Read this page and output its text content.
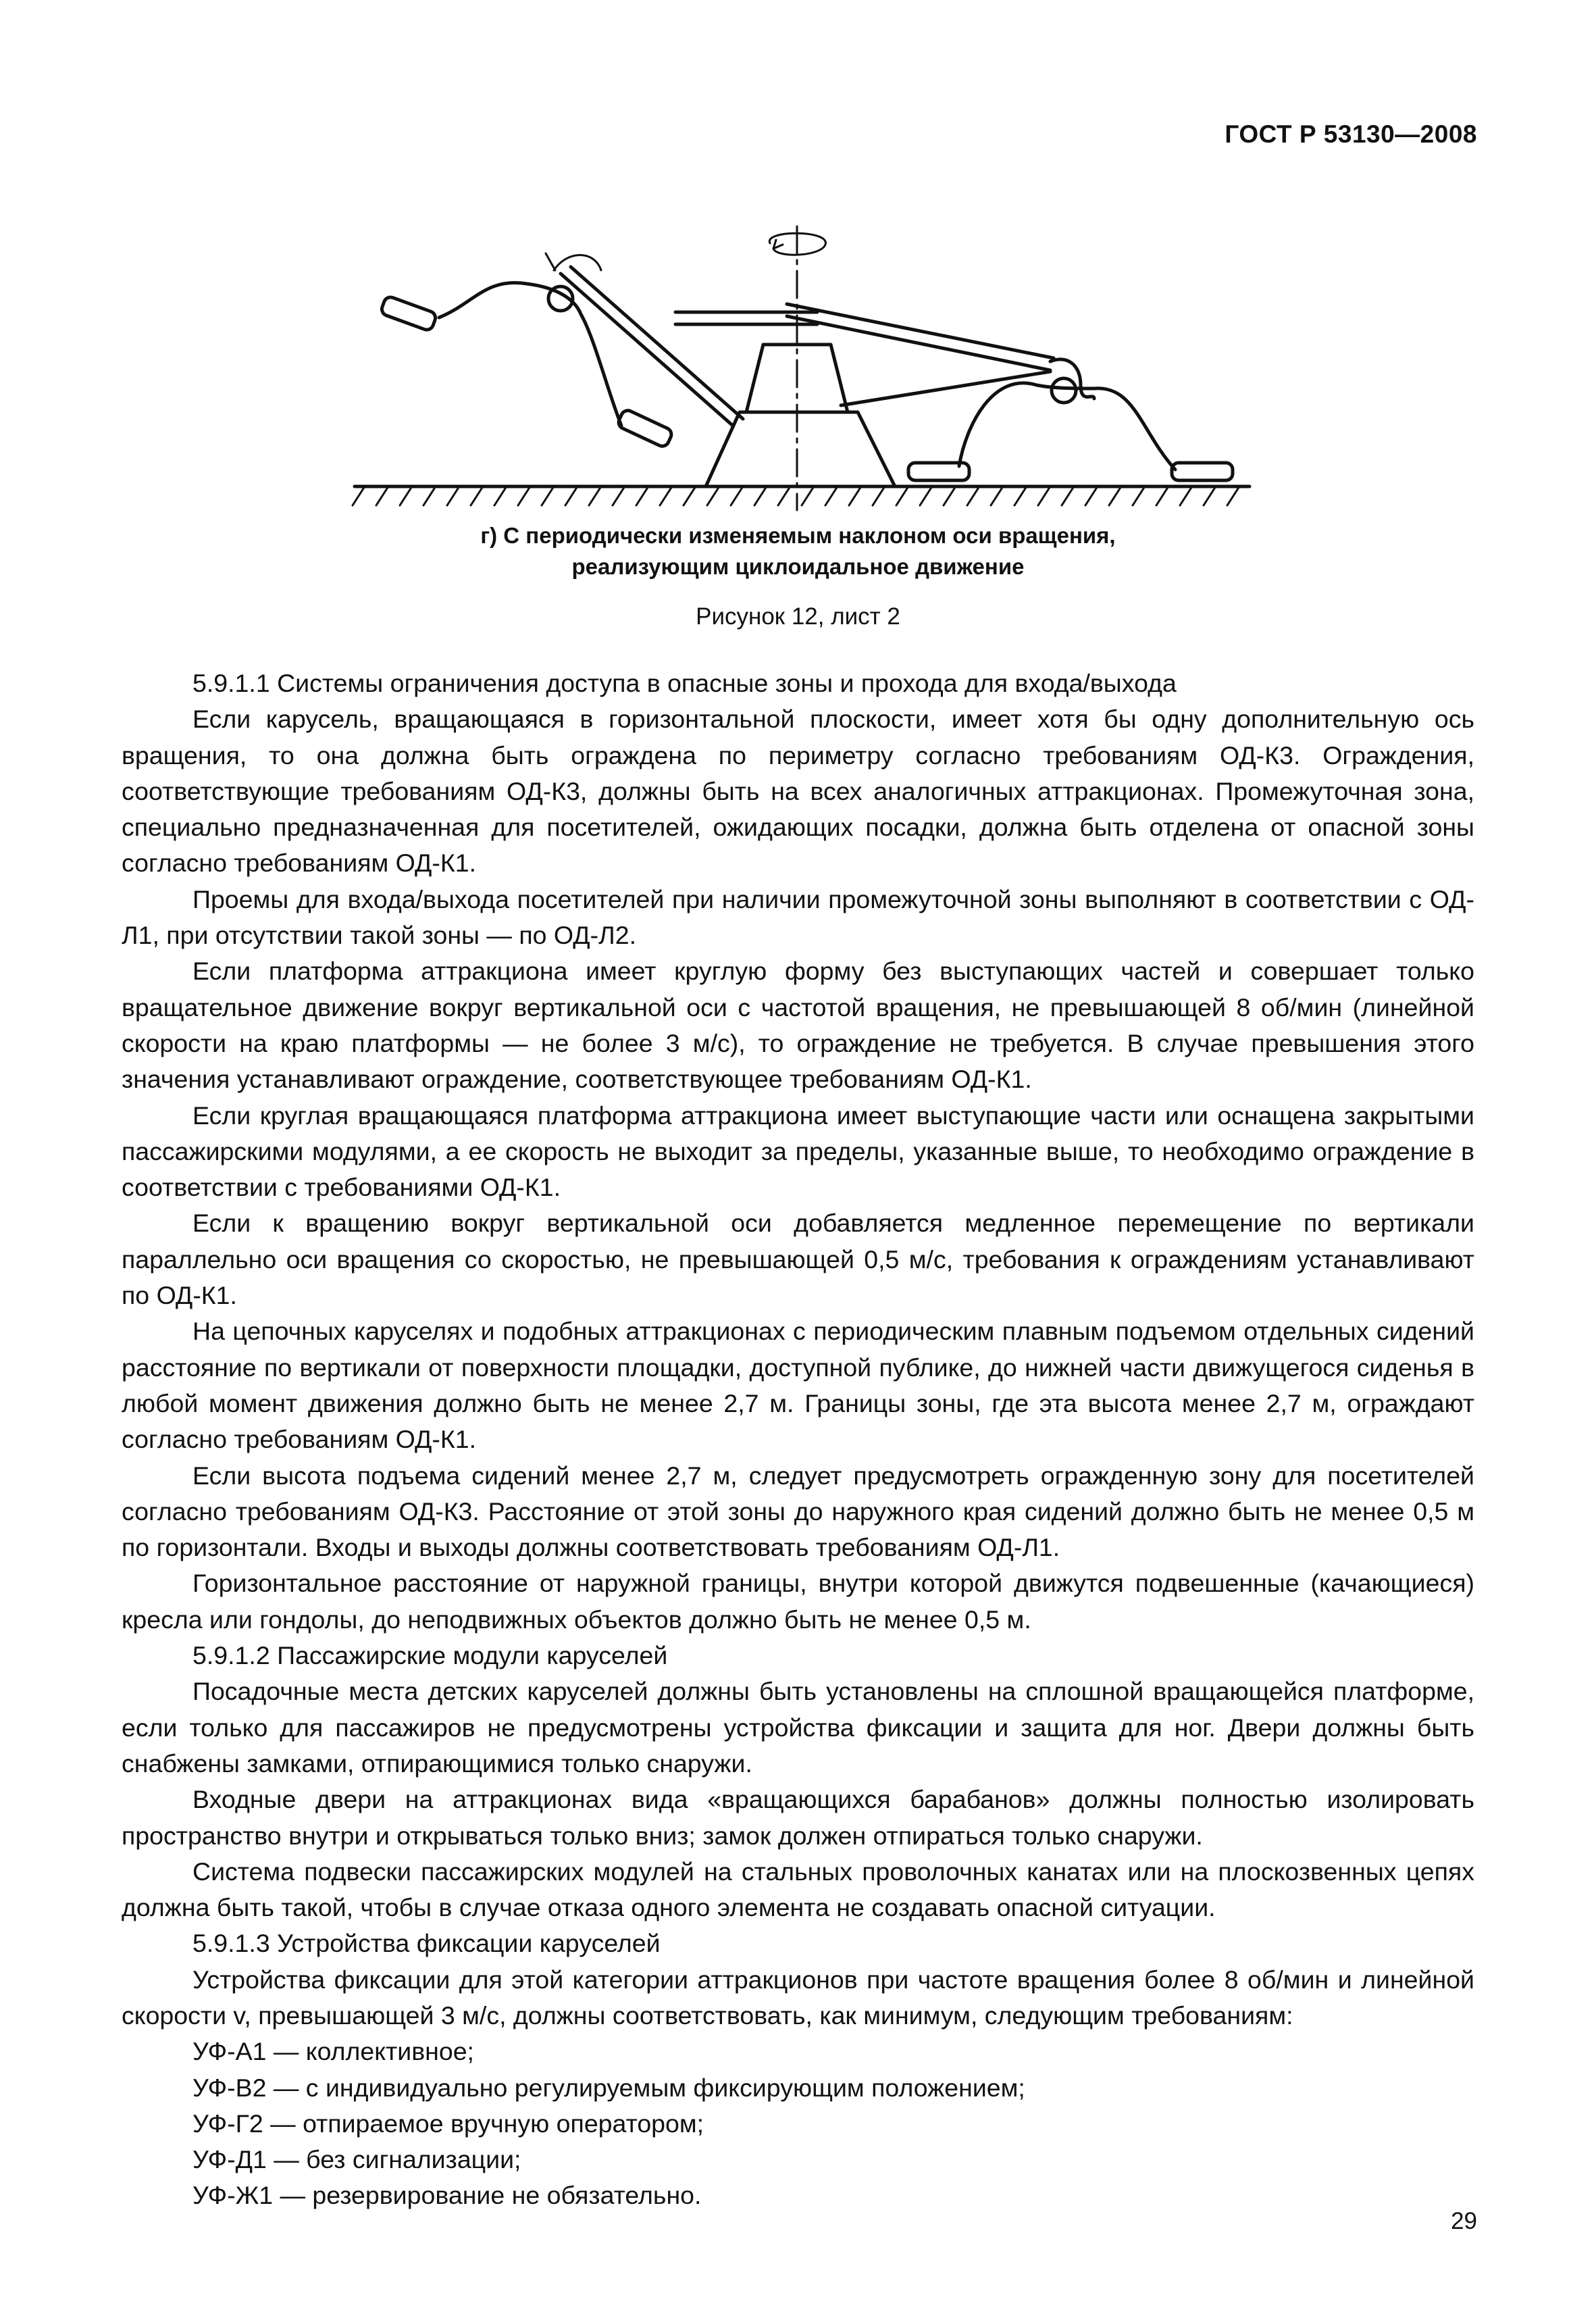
ГОСТ Р 53130—2008
г) С периодически изменяемым наклоном оси вращения,
реализующим циклоидальное движение
Рисунок 12, лист 2

5.9.1.1 Системы ограничения доступа в опасные зоны и прохода для входа/выхода

Если карусель, вращающаяся в горизонтальной плоскости, имеет хотя бы одну дополнительную ось вращения, то она должна быть ограждена по периметру согласно требованиям ОД-К3. Ограждения, соответствующие требованиям ОД-К3, должны быть на всех аналогичных аттракционах. Промежуточная зона, специально предназначенная для посетителей, ожидающих посадки, должна быть отделена от опасной зоны согласно требованиям ОД-К1.

Проемы для входа/выхода посетителей при наличии промежуточной зоны выполняют в соответствии с ОД-Л1, при отсутствии такой зоны — по ОД-Л2.

Если платформа аттракциона имеет круглую форму без выступающих частей и совершает только вращательное движение вокруг вертикальной оси с частотой вращения, не превышающей 8 об/мин (линейной скорости на краю платформы — не более 3 м/с), то ограждение не требуется. В случае превышения этого значения устанавливают ограждение, соответствующее требованиям ОД-К1.

Если круглая вращающаяся платформа аттракциона имеет выступающие части или оснащена закрытыми пассажирскими модулями, а ее скорость не выходит за пределы, указанные выше, то необходимо ограждение в соответствии с требованиями ОД-К1.

Если к вращению вокруг вертикальной оси добавляется медленное перемещение по вертикали параллельно оси вращения со скоростью, не превышающей 0,5 м/с, требования к ограждениям устанавливают по ОД-К1.

На цепочных каруселях и подобных аттракционах с периодическим плавным подъемом отдельных сидений расстояние по вертикали от поверхности площадки, доступной публике, до нижней части движущегося сиденья в любой момент движения должно быть не менее 2,7 м. Границы зоны, где эта высота менее 2,7 м, ограждают согласно требованиям ОД-К1.

Если высота подъема сидений менее 2,7 м, следует предусмотреть огражденную зону для посетителей согласно требованиям ОД-К3. Расстояние от этой зоны до наружного края сидений должно быть не менее 0,5 м по горизонтали. Входы и выходы должны соответствовать требованиям ОД-Л1.

Горизонтальное расстояние от наружной границы, внутри которой движутся подвешенные (качающиеся) кресла или гондолы, до неподвижных объектов должно быть не менее 0,5 м.

5.9.1.2 Пассажирские модули каруселей

Посадочные места детских каруселей должны быть установлены на сплошной вращающейся платформе, если только для пассажиров не предусмотрены устройства фиксации и защита для ног. Двери должны быть снабжены замками, отпирающимися только снаружи.

Входные двери на аттракционах вида «вращающихся барабанов» должны полностью изолировать пространство внутри и открываться только вниз; замок должен отпираться только снаружи.

Система подвески пассажирских модулей на стальных проволочных канатах или на плоскозвенных цепях должна быть такой, чтобы в случае отказа одного элемента не создавать опасной ситуации.

5.9.1.3 Устройства фиксации каруселей

Устройства фиксации для этой категории аттракционов при частоте вращения более 8 об/мин и линейной скорости v, превышающей 3 м/с, должны соответствовать, как минимум, следующим требованиям:

УФ-А1 — коллективное;

УФ-В2 — с индивидуально регулируемым фиксирующим положением;

УФ-Г2 — отпираемое вручную оператором;

УФ-Д1 — без сигнализации;

УФ-Ж1 — резервирование не обязательно.

29
